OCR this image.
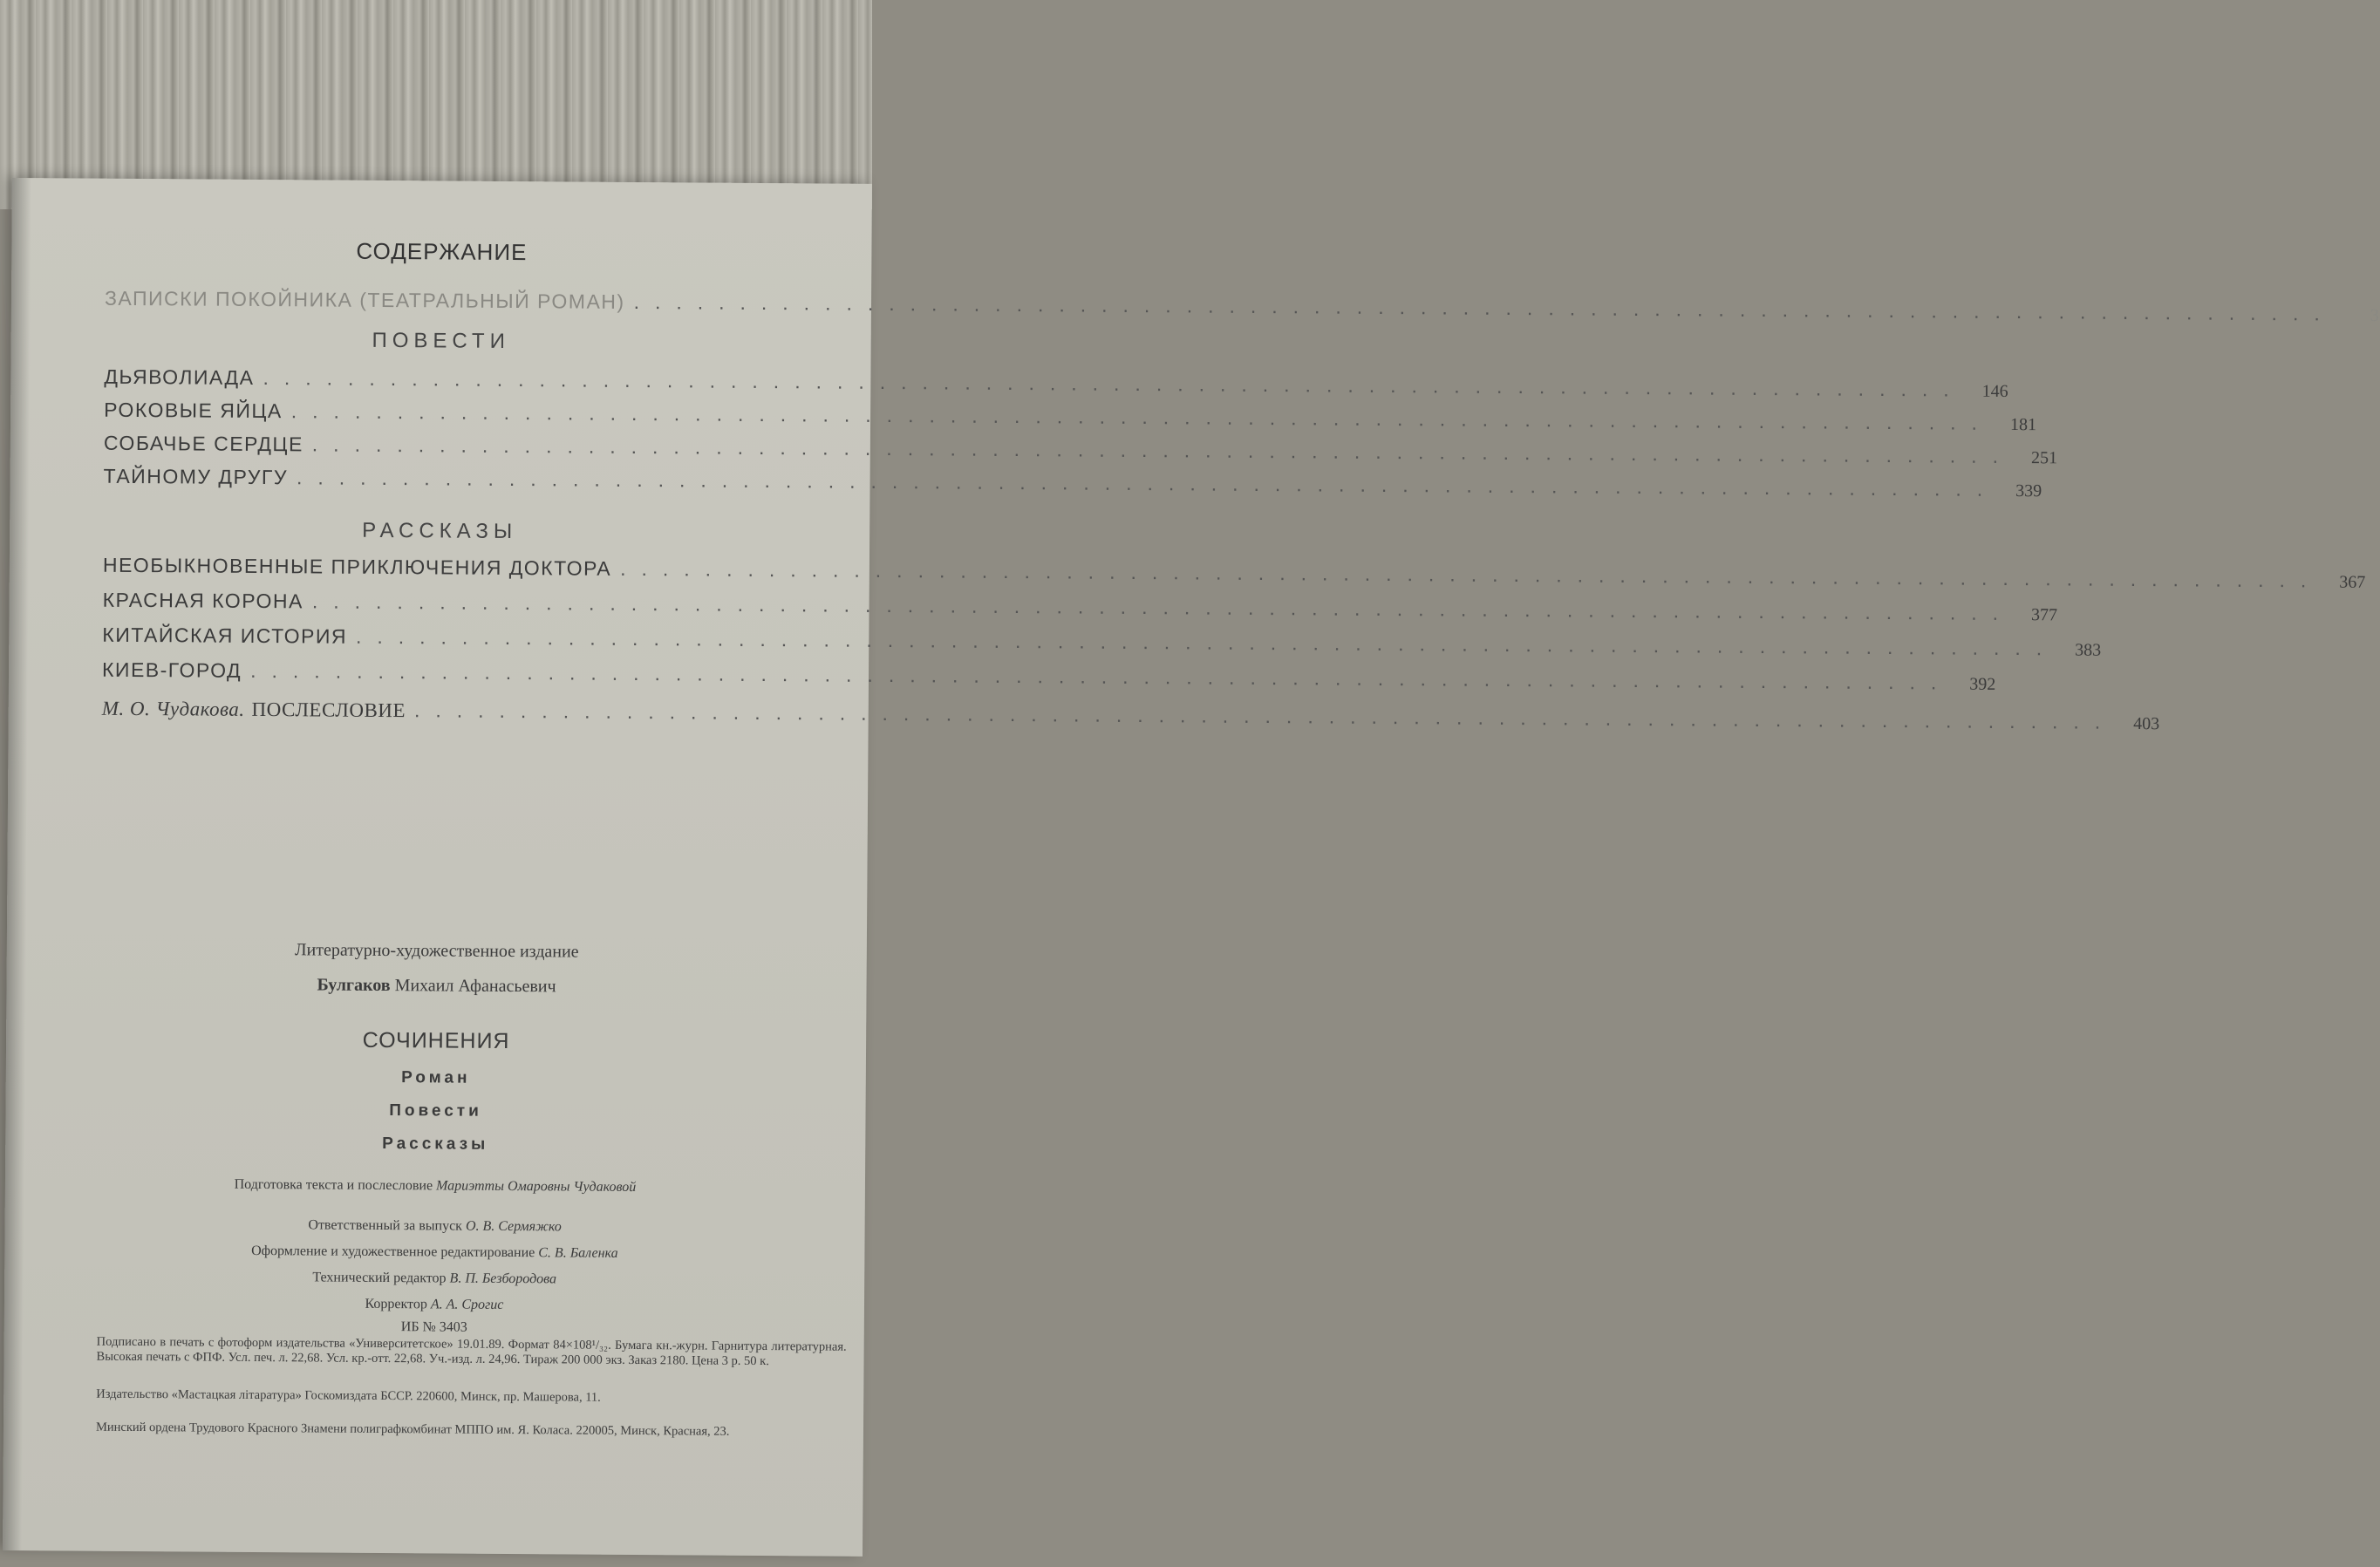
СОДЕРЖАНИЕ
ЗАПИСКИ ПОКОЙНИКА (ТЕАТРАЛЬНЫЙ РОМАН) ................................................................................	3
ПОВЕСТИ
ДЬЯВОЛИАДА ................................................................................ 146
РОКОВЫЕ ЯЙЦА ................................................................................ 181
СОБАЧЬЕ СЕРДЦЕ ................................................................................ 251
ТАЙНОМУ ДРУГУ ................................................................................ 339
РАССКАЗЫ
НЕОБЫКНОВЕННЫЕ ПРИКЛЮЧЕНИЯ ДОКТОРА ................................................................................ 367
КРАСНАЯ КОРОНА ................................................................................ 377
КИТАЙСКАЯ ИСТОРИЯ ................................................................................ 383
КИЕВ-ГОРОД ................................................................................ 392
М. О. Чудакова. ПОСЛЕСЛОВИЕ ................................................................................ 403
Литературно-художественное издание
Булгаков Михаил Афанасьевич
СОЧИНЕНИЯ
Роман
Повести
Рассказы
Подготовка текста и послесловие Мариэтты Омаровны Чудаковой
Ответственный за выпуск О. В. Сермяжко
Оформление и художественное редактирование С. В. Баленка
Технический редактор В. П. Безбородова
Корректор А. А. Срогис
ИБ № 3403
Подписано в печать с фотоформ издательства «Университетское» 19.01.89. Формат 84×108¹/₃₂. Бумага кн.-журн. Гарнитура литературная. Высокая печать с ФПФ. Усл. печ. л. 22,68. Усл. кр.-отт. 22,68. Уч.-изд. л. 24,96. Тираж 200 000 экз. Заказ 2180. Цена 3 р. 50 к.
Издательство «Мастацкая літаратура» Госкомиздата БССР. 220600, Минск, пр. Машерова, 11.
Минский ордена Трудового Красного Знамени полиграфкомбинат МППО им. Я. Коласа. 220005, Минск, Красная, 23.
